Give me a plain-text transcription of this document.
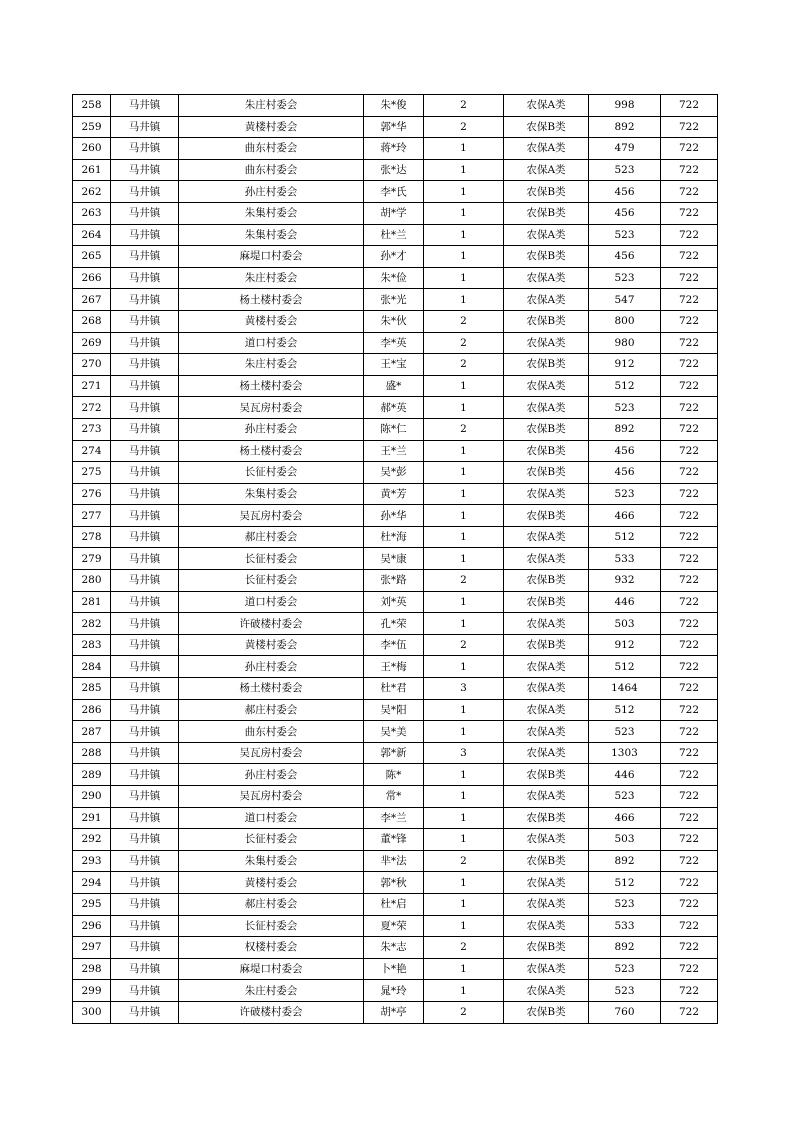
258	马井镇	朱庄村委会	朱*俊	2	农保A类	998	722
259	马井镇	黄楼村委会	郭*华	2	农保B类	892	722
260	马井镇	曲东村委会	蒋*玲	1	农保A类	479	722
261	马井镇	曲东村委会	张*达	1	农保A类	523	722
262	马井镇	孙庄村委会	李*氏	1	农保B类	456	722
263	马井镇	朱集村委会	胡*学	1	农保B类	456	722
264	马井镇	朱集村委会	杜*兰	1	农保A类	523	722
265	马井镇	麻堤口村委会	孙*才	1	农保B类	456	722
266	马井镇	朱庄村委会	朱*俭	1	农保A类	523	722
267	马井镇	杨土楼村委会	张*光	1	农保A类	547	722
268	马井镇	黄楼村委会	朱*伙	2	农保B类	800	722
269	马井镇	道口村委会	李*英	2	农保A类	980	722
270	马井镇	朱庄村委会	王*宝	2	农保B类	912	722
271	马井镇	杨土楼村委会	盛*	1	农保A类	512	722
272	马井镇	吴瓦房村委会	郝*英	1	农保A类	523	722
273	马井镇	孙庄村委会	陈*仁	2	农保B类	892	722
274	马井镇	杨土楼村委会	王*兰	1	农保B类	456	722
275	马井镇	长征村委会	吴*彭	1	农保B类	456	722
276	马井镇	朱集村委会	黄*芳	1	农保A类	523	722
277	马井镇	吴瓦房村委会	孙*华	1	农保B类	466	722
278	马井镇	郝庄村委会	杜*海	1	农保A类	512	722
279	马井镇	长征村委会	吴*康	1	农保A类	533	722
280	马井镇	长征村委会	张*路	2	农保B类	932	722
281	马井镇	道口村委会	刘*英	1	农保B类	446	722
282	马井镇	许破楼村委会	孔*荣	1	农保A类	503	722
283	马井镇	黄楼村委会	李*伍	2	农保B类	912	722
284	马井镇	孙庄村委会	王*梅	1	农保A类	512	722
285	马井镇	杨土楼村委会	杜*君	3	农保A类	1464	722
286	马井镇	郝庄村委会	吴*阳	1	农保A类	512	722
287	马井镇	曲东村委会	吴*美	1	农保A类	523	722
288	马井镇	吴瓦房村委会	郭*新	3	农保A类	1303	722
289	马井镇	孙庄村委会	陈*	1	农保B类	446	722
290	马井镇	吴瓦房村委会	常*	1	农保A类	523	722
291	马井镇	道口村委会	李*兰	1	农保B类	466	722
292	马井镇	长征村委会	董*锋	1	农保A类	503	722
293	马井镇	朱集村委会	芈*法	2	农保B类	892	722
294	马井镇	黄楼村委会	郭*秋	1	农保A类	512	722
295	马井镇	郝庄村委会	杜*启	1	农保A类	523	722
296	马井镇	长征村委会	夏*荣	1	农保A类	533	722
297	马井镇	权楼村委会	朱*志	2	农保B类	892	722
298	马井镇	麻堤口村委会	卜*艳	1	农保A类	523	722
299	马井镇	朱庄村委会	晁*玲	1	农保A类	523	722
300	马井镇	许破楼村委会	胡*亭	2	农保B类	760	722
